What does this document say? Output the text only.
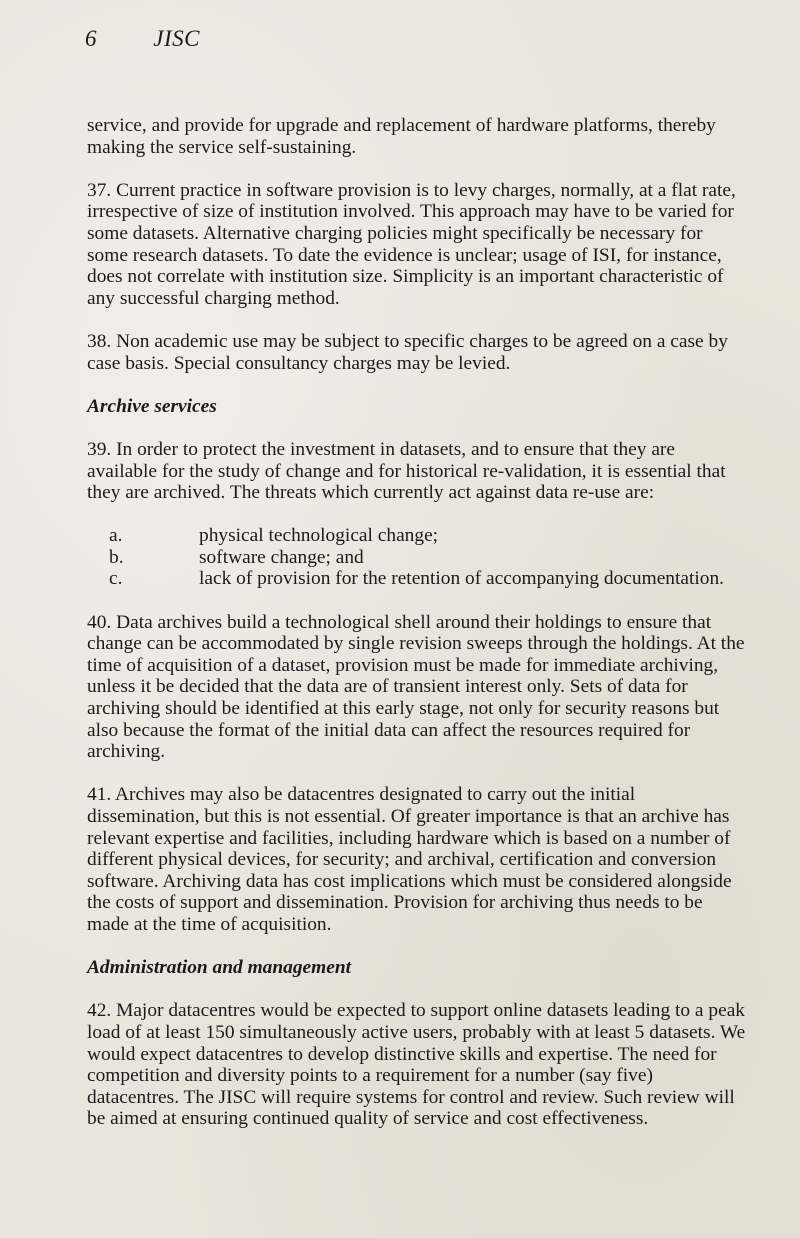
6 JISC

service, and provide for upgrade and replacement of hardware platforms, thereby making the service self-sustaining.

37. Current practice in software provision is to levy charges, normally, at a flat rate, irrespective of size of institution involved. This approach may have to be varied for some datasets. Alternative charging policies might specifically be necessary for some research datasets. To date the evidence is unclear; usage of ISI, for instance, does not correlate with institution size. Simplicity is an important characteristic of any successful charging method.

38. Non academic use may be subject to specific charges to be agreed on a case by case basis. Special consultancy charges may be levied.

Archive services

39. In order to protect the investment in datasets, and to ensure that they are available for the study of change and for historical re-validation, it is essential that they are archived. The threats which currently act against data re-use are:

a.	physical technological change;
b.	software change; and
c.	lack of provision for the retention of accompanying documentation.

40. Data archives build a technological shell around their holdings to ensure that change can be accommodated by single revision sweeps through the holdings. At the time of acquisition of a dataset, provision must be made for immediate archiving, unless it be decided that the data are of transient interest only. Sets of data for archiving should be identified at this early stage, not only for security reasons but also because the format of the initial data can affect the resources required for archiving.

41. Archives may also be datacentres designated to carry out the initial dissemination, but this is not essential. Of greater importance is that an archive has relevant expertise and facilities, including hardware which is based on a number of different physical devices, for security; and archival, certification and conversion software. Archiving data has cost implications which must be considered alongside the costs of support and dissemination. Provision for archiving thus needs to be made at the time of acquisition.

Administration and management

42. Major datacentres would be expected to support online datasets leading to a peak load of at least 150 simultaneously active users, probably with at least 5 datasets. We would expect datacentres to develop distinctive skills and expertise. The need for competition and diversity points to a requirement for a number (say five) datacentres. The JISC will require systems for control and review. Such review will be aimed at ensuring continued quality of service and cost effectiveness.
